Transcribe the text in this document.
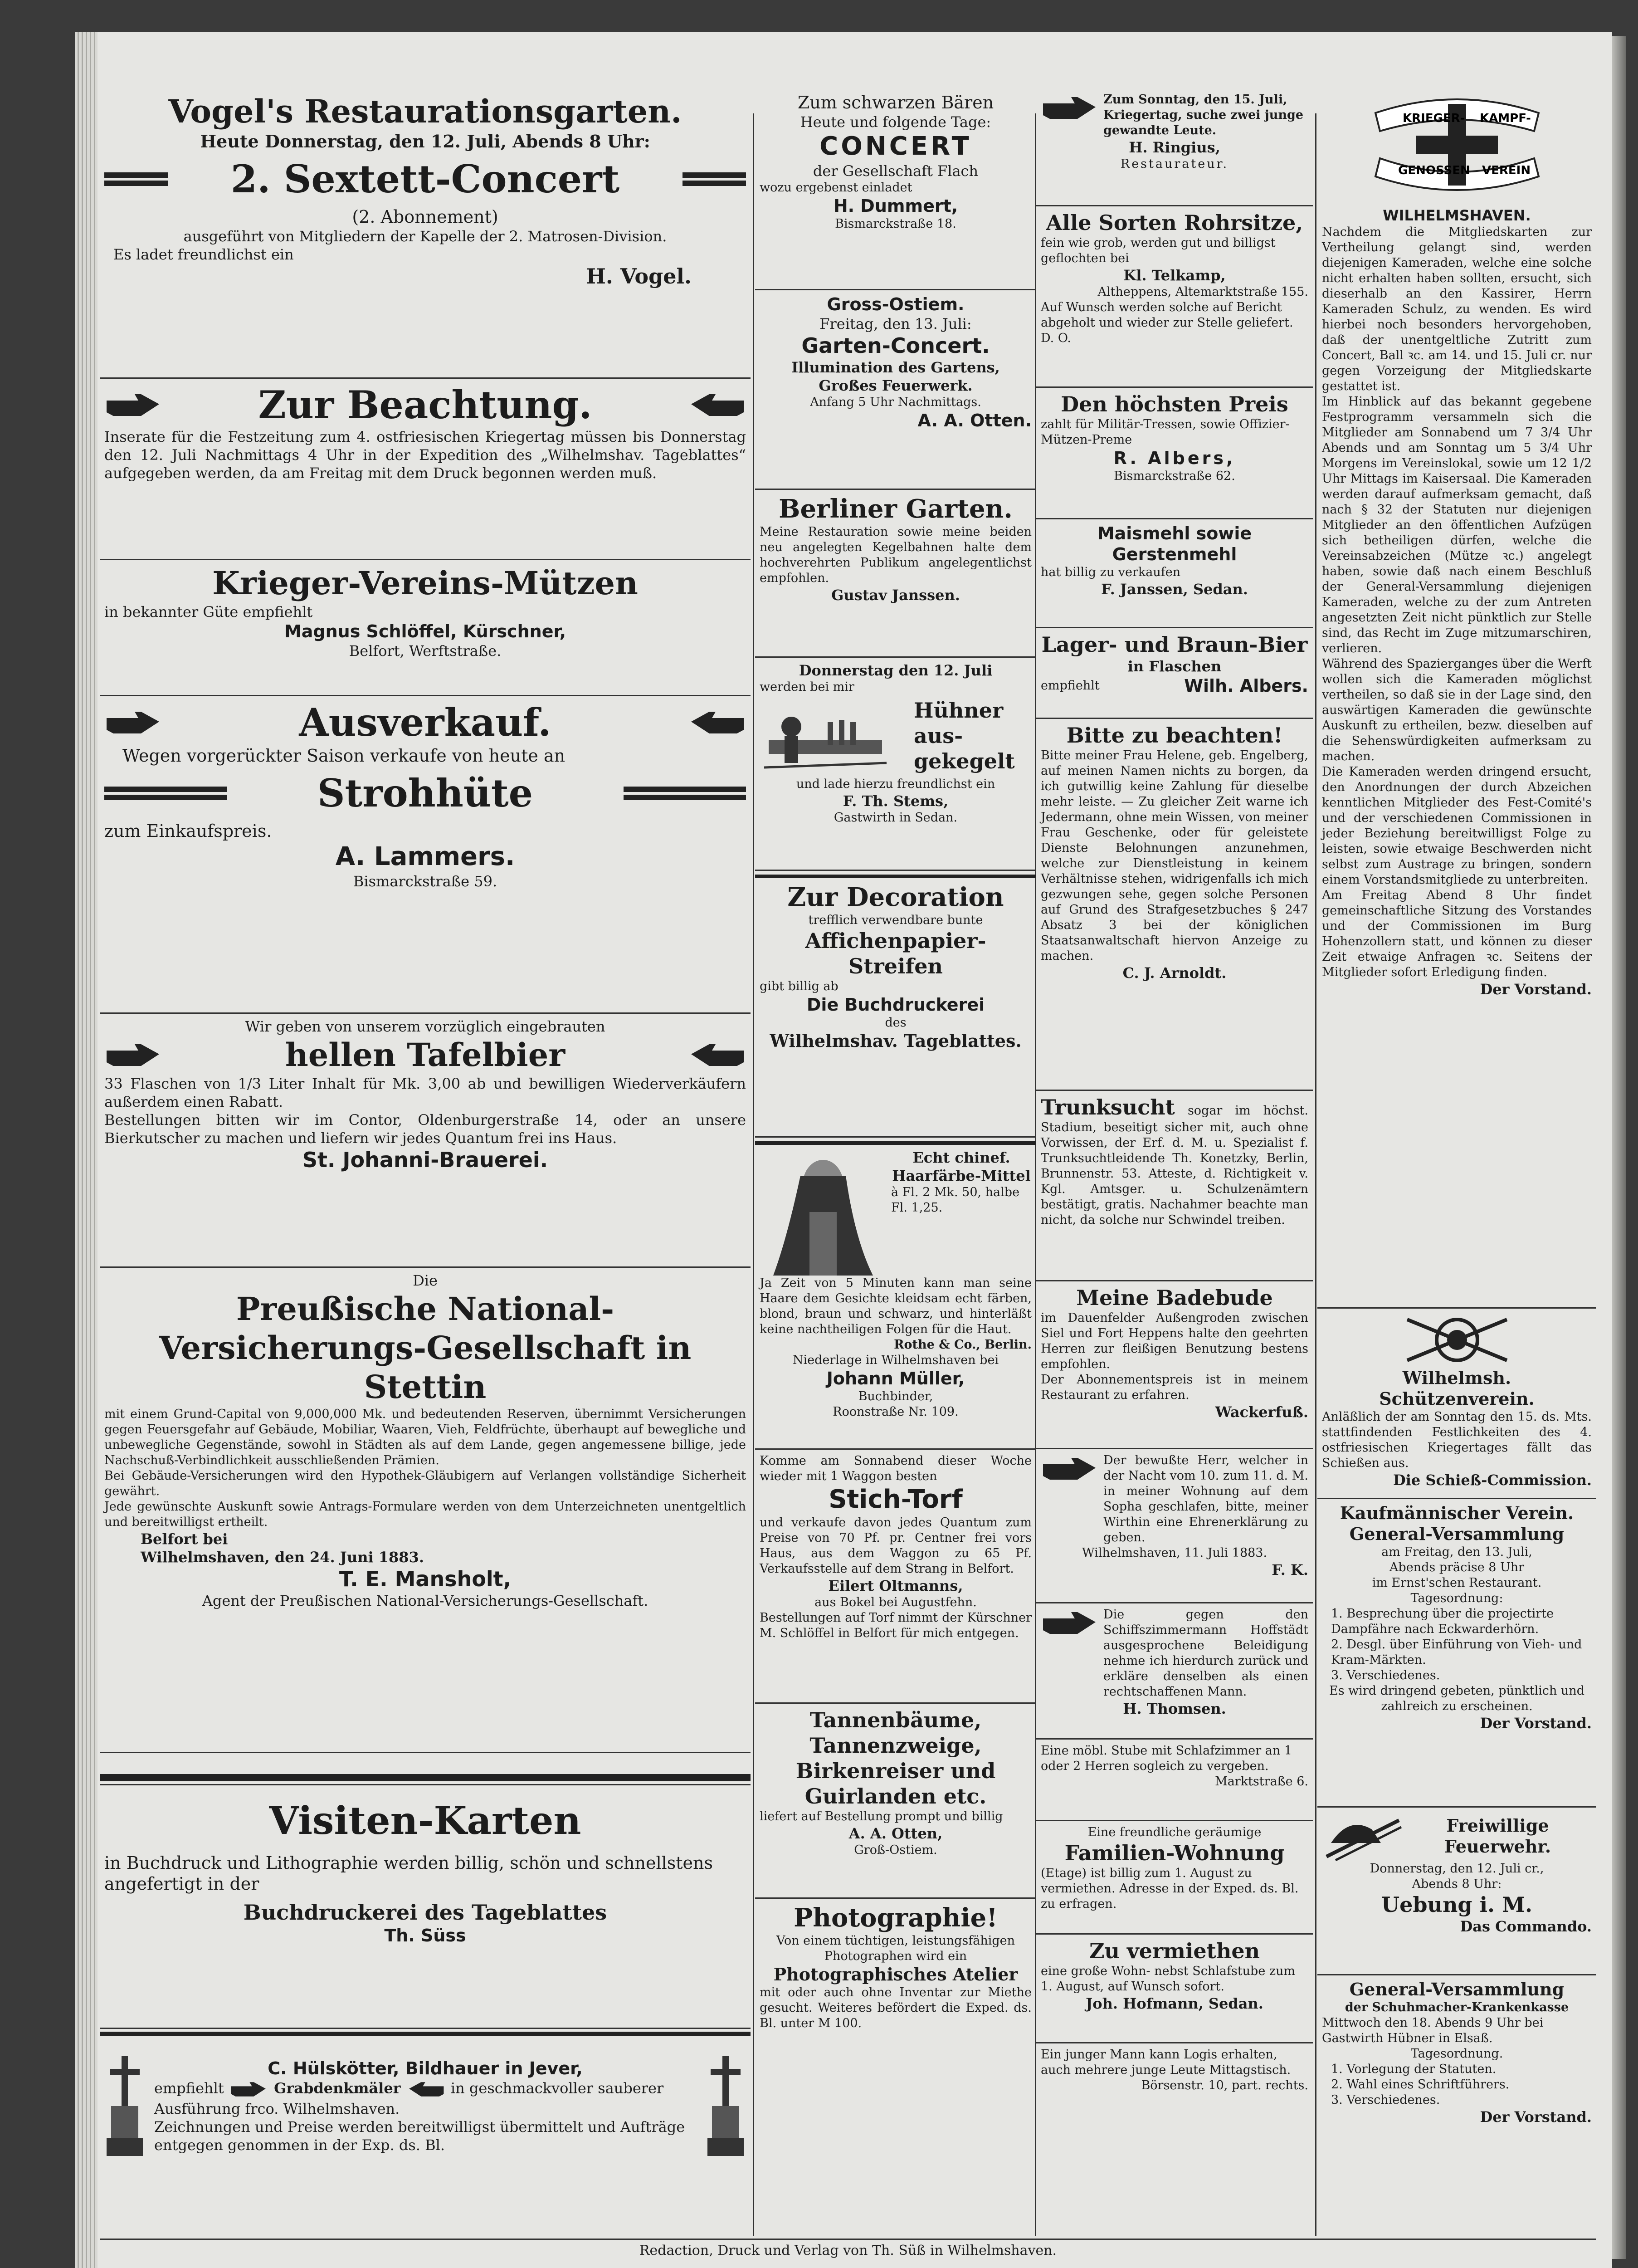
Vogel's Restaurationsgarten.
Heute Donnerstag, den 12. Juli, Abends 8 Uhr:
2. Sextett-Concert
(2. Abonnement)
ausgeführt von Mitgliedern der Kapelle der 2. Matrosen-Division.
Es ladet freundlichst ein
H. Vogel.
Zur Beachtung.
Inserate für die Festzeitung zum 4. ostfriesischen Kriegertag müssen bis Donnerstag den 12. Juli Nachmittags 4 Uhr in der Expedition des „Wilhelmshav. Tageblattes“ aufgegeben werden, da am Freitag mit dem Druck begonnen werden muß.
Krieger-Vereins-Mützen
in bekannter Güte empfiehlt
Magnus Schlöffel, Kürschner,
Belfort, Werftstraße.
Ausverkauf.
Wegen vorgerückter Saison verkaufe von heute an
Strohhüte
zum Einkaufspreis.
A. Lammers.
Bismarckstraße 59.
Wir geben von unserem vorzüglich eingebrauten
hellen Tafelbier
33 Flaschen von 1/3 Liter Inhalt für Mk. 3,00 ab und bewilligen Wiederverkäufern außerdem einen Rabatt.
Bestellungen bitten wir im Contor, Oldenburgerstraße 14, oder an unsere Bierkutscher zu machen und liefern wir jedes Quantum frei ins Haus.
St. Johanni-Brauerei.
Die
Preußische National-Versicherungs-Gesellschaft in Stettin
mit einem Grund-Capital von 9,000,000 Mk. und bedeutenden Reserven, übernimmt Versicherungen gegen Feuersgefahr auf Gebäude, Mobiliar, Waaren, Vieh, Feldfrüchte, überhaupt auf bewegliche und unbewegliche Gegenstände, sowohl in Städten als auf dem Lande, gegen angemessene billige, jede Nachschuß-Verbindlichkeit ausschließenden Prämien.
Bei Gebäude-Versicherungen wird den Hypothek-Gläubigern auf Verlangen vollständige Sicherheit gewährt.
Jede gewünschte Auskunft sowie Antrags-Formulare werden von dem Unterzeichneten unentgeltlich und bereitwilligst ertheilt.
Belfort bei
Wilhelmshaven, den 24. Juni 1883.
T. E. Mansholt,
Agent der Preußischen National-Versicherungs-Gesellschaft.
Visiten-Karten
in Buchdruck und Lithographie werden billig, schön und schnellstens angefertigt in der
Buchdruckerei des Tageblattes
Th. Süss
C. Hülskötter, Bildhauer in Jever,
empfiehlt	Grabdenkmäler	in geschmackvoller sauberer Ausführung frco. Wilhelmshaven.
Zeichnungen und Preise werden bereitwilligst übermittelt und Aufträge entgegen genommen in der Exp. ds. Bl.
Zum schwarzen Bären
Heute und folgende Tage:
CONCERT
der Gesellschaft Flach
wozu ergebenst einladet
H. Dummert,
Bismarckstraße 18.
Gross-Ostiem.
Freitag, den 13. Juli:
Garten-Concert.
Illumination des Gartens,
Großes Feuerwerk.
Anfang 5 Uhr Nachmittags.
A. A. Otten.
Berliner Garten.
Meine Restauration sowie meine beiden neu angelegten Kegelbahnen halte dem hochverehrten Publikum angelegentlichst empfohlen.
Gustav Janssen.
Donnerstag den 12. Juli
werden bei mir
Hühner aus-gekegelt
und lade hierzu freundlichst ein
F. Th. Stems,
Gastwirth in Sedan.
Zur Decoration
trefflich verwendbare bunte
Affichenpapier-Streifen
gibt billig ab
Die Buchdruckerei
des
Wilhelmshav. Tageblattes.
Echt chinef. Haarfärbe-Mittel
à Fl. 2 Mk. 50, halbe Fl. 1,25.
Ja Zeit von 5 Minuten kann man seine Haare dem Gesichte kleidsam echt färben, blond, braun und schwarz, und hinterläßt keine nachtheiligen Folgen für die Haut.
Rothe & Co., Berlin.
Niederlage in Wilhelmshaven bei
Johann Müller,
Buchbinder,
Roonstraße Nr. 109.
Komme am Sonnabend dieser Woche wieder mit 1 Waggon besten
Stich-Torf
und verkaufe davon jedes Quantum zum Preise von 70 Pf. pr. Centner frei vors Haus, aus dem Waggon zu 65 Pf. Verkaufsstelle auf dem Strang in Belfort.
Eilert Oltmanns,
aus Bokel bei Augustfehn.
Bestellungen auf Torf nimmt der Kürschner M. Schlöffel in Belfort für mich entgegen.
Tannenbäume, Tannenzweige, Birkenreiser und Guirlanden etc.
liefert auf Bestellung prompt und billig
A. A. Otten,
Groß-Ostiem.
Photographie!
Von einem tüchtigen, leistungsfähigen Photographen wird ein
Photographisches Atelier
mit oder auch ohne Inventar zur Miethe gesucht. Weiteres befördert die Exped. ds. Bl. unter M 100.
Zum Sonntag, den 15. Juli, Kriegertag, suche zwei junge gewandte Leute.
H. Ringius,
Restaurateur.
Alle Sorten Rohrsitze,
fein wie grob, werden gut und billigst geflochten bei
Kl. Telkamp,
Altheppens, Altemarktstraße 155.
Auf Wunsch werden solche auf Bericht abgeholt und wieder zur Stelle geliefert. D. O.
Den höchsten Preis
zahlt für Militär-Tressen, sowie Offizier-Mützen-Preme
R. Albers,
Bismarckstraße 62.
Maismehl sowie Gerstenmehl
hat billig zu verkaufen
F. Janssen, Sedan.
Lager- und Braun-Bier
in Flaschen
empfiehlt	Wilh. Albers.
Bitte zu beachten!
Bitte meiner Frau Helene, geb. Engelberg, auf meinen Namen nichts zu borgen, da ich gutwillig keine Zahlung für dieselbe mehr leiste. — Zu gleicher Zeit warne ich Jedermann, ohne mein Wissen, von meiner Frau Geschenke, oder für geleistete Dienste Belohnungen anzunehmen, welche zur Dienstleistung in keinem Verhältnisse stehen, widrigenfalls ich mich gezwungen sehe, gegen solche Personen auf Grund des Strafgesetzbuches § 247 Absatz 3 bei der königlichen Staatsanwaltschaft hiervon Anzeige zu machen.
C. J. Arnoldt.
Trunksucht sogar im höchst. Stadium, beseitigt sicher mit, auch ohne Vorwissen, der Erf. d. M. u. Spezialist f. Trunksuchtleidende Th. Konetzky, Berlin, Brunnenstr. 53. Atteste, d. Richtigkeit v. Kgl. Amtsger. u. Schulzenämtern bestätigt, gratis. Nachahmer beachte man nicht, da solche nur Schwindel treiben.
Meine Badebude
im Dauenfelder Außengroden zwischen Siel und Fort Heppens halte den geehrten Herren zur fleißigen Benutzung bestens empfohlen.
Der Abonnementspreis ist in meinem Restaurant zu erfahren.
Wackerfuß.
Der bewußte Herr, welcher in der Nacht vom 10. zum 11. d. M. in meiner Wohnung auf dem Sopha geschlafen, bitte, meiner Wirthin eine Ehrenerklärung zu geben.
Wilhelmshaven, 11. Juli 1883.
F. K.
Die gegen den Schiffszimmermann Hoffstädt ausgesprochene Beleidigung nehme ich hierdurch zurück und erkläre denselben als einen rechtschaffenen Mann.
H. Thomsen.
Eine möbl. Stube mit Schlafzimmer an 1 oder 2 Herren sogleich zu vergeben.
Marktstraße 6.
Eine freundliche geräumige
Familien-Wohnung
(Etage) ist billig zum 1. August zu vermiethen. Adresse in der Exped. ds. Bl. zu erfragen.
Zu vermiethen
eine große Wohn- nebst Schlafstube zum 1. August, auf Wunsch sofort.
Joh. Hofmann, Sedan.
Ein junger Mann kann Logis erhalten, auch mehrere junge Leute Mittagstisch.
Börsenstr. 10, part. rechts.
KRIEGER- KAMPF-
GENOSSEN VEREIN
WILHELMSHAVEN.
Nachdem die Mitgliedskarten zur Vertheilung gelangt sind, werden diejenigen Kameraden, welche eine solche nicht erhalten haben sollten, ersucht, sich dieserhalb an den Kassirer, Herrn Kameraden Schulz, zu wenden. Es wird hierbei noch besonders hervorgehoben, daß der unentgeltliche Zutritt zum Concert, Ball ꝛc. am 14. und 15. Juli cr. nur gegen Vorzeigung der Mitgliedskarte gestattet ist.
Im Hinblick auf das bekannt gegebene Festprogramm versammeln sich die Mitglieder am Sonnabend um 7 3/4 Uhr Abends und am Sonntag um 5 3/4 Uhr Morgens im Vereinslokal, sowie um 12 1/2 Uhr Mittags im Kaisersaal. Die Kameraden werden darauf aufmerksam gemacht, daß nach § 32 der Statuten nur diejenigen Mitglieder an den öffentlichen Aufzügen sich betheiligen dürfen, welche die Vereinsabzeichen (Mütze ꝛc.) angelegt haben, sowie daß nach einem Beschluß der General-Versammlung diejenigen Kameraden, welche zu der zum Antreten angesetzten Zeit nicht pünktlich zur Stelle sind, das Recht im Zuge mitzumarschiren, verlieren.
Während des Spazierganges über die Werft wollen sich die Kameraden möglichst vertheilen, so daß sie in der Lage sind, den auswärtigen Kameraden die gewünschte Auskunft zu ertheilen, bezw. dieselben auf die Sehenswürdigkeiten aufmerksam zu machen.
Die Kameraden werden dringend ersucht, den Anordnungen der durch Abzeichen kenntlichen Mitglieder des Fest-Comité's und der verschiedenen Commissionen in jeder Beziehung bereitwilligst Folge zu leisten, sowie etwaige Beschwerden nicht selbst zum Austrage zu bringen, sondern einem Vorstandsmitgliede zu unterbreiten.
Am Freitag Abend 8 Uhr findet gemeinschaftliche Sitzung des Vorstandes und der Commissionen im Burg Hohenzollern statt, und können zu dieser Zeit etwaige Anfragen ꝛc. Seitens der Mitglieder sofort Erledigung finden.
Der Vorstand.
Wilhelmsh. Schützenverein.
Anläßlich der am Sonntag den 15. ds. Mts. stattfindenden Festlichkeiten des 4. ostfriesischen Kriegertages fällt das Schießen aus.
Die Schieß-Commission.
Kaufmännischer Verein.
General-Versammlung
am Freitag, den 13. Juli,
Abends präcise 8 Uhr
im Ernst'schen Restaurant.
Tagesordnung:
1. Besprechung über die projectirte Dampfähre nach Eckwarderhörn.
2. Desgl. über Einführung von Vieh- und Kram-Märkten.
3. Verschiedenes.
Es wird dringend gebeten, pünktlich und zahlreich zu erscheinen.
Der Vorstand.
Freiwillige
Feuerwehr.
Donnerstag, den 12. Juli cr.,
Abends 8 Uhr:
Uebung i. M.
Das Commando.
General-Versammlung
der Schuhmacher-Krankenkasse
Mittwoch den 18. Abends 9 Uhr bei Gastwirth Hübner in Elsaß.
Tagesordnung.
1. Vorlegung der Statuten.
2. Wahl eines Schriftführers.
3. Verschiedenes.
Der Vorstand.
Redaction, Druck und Verlag von Th. Süß in Wilhelmshaven.
